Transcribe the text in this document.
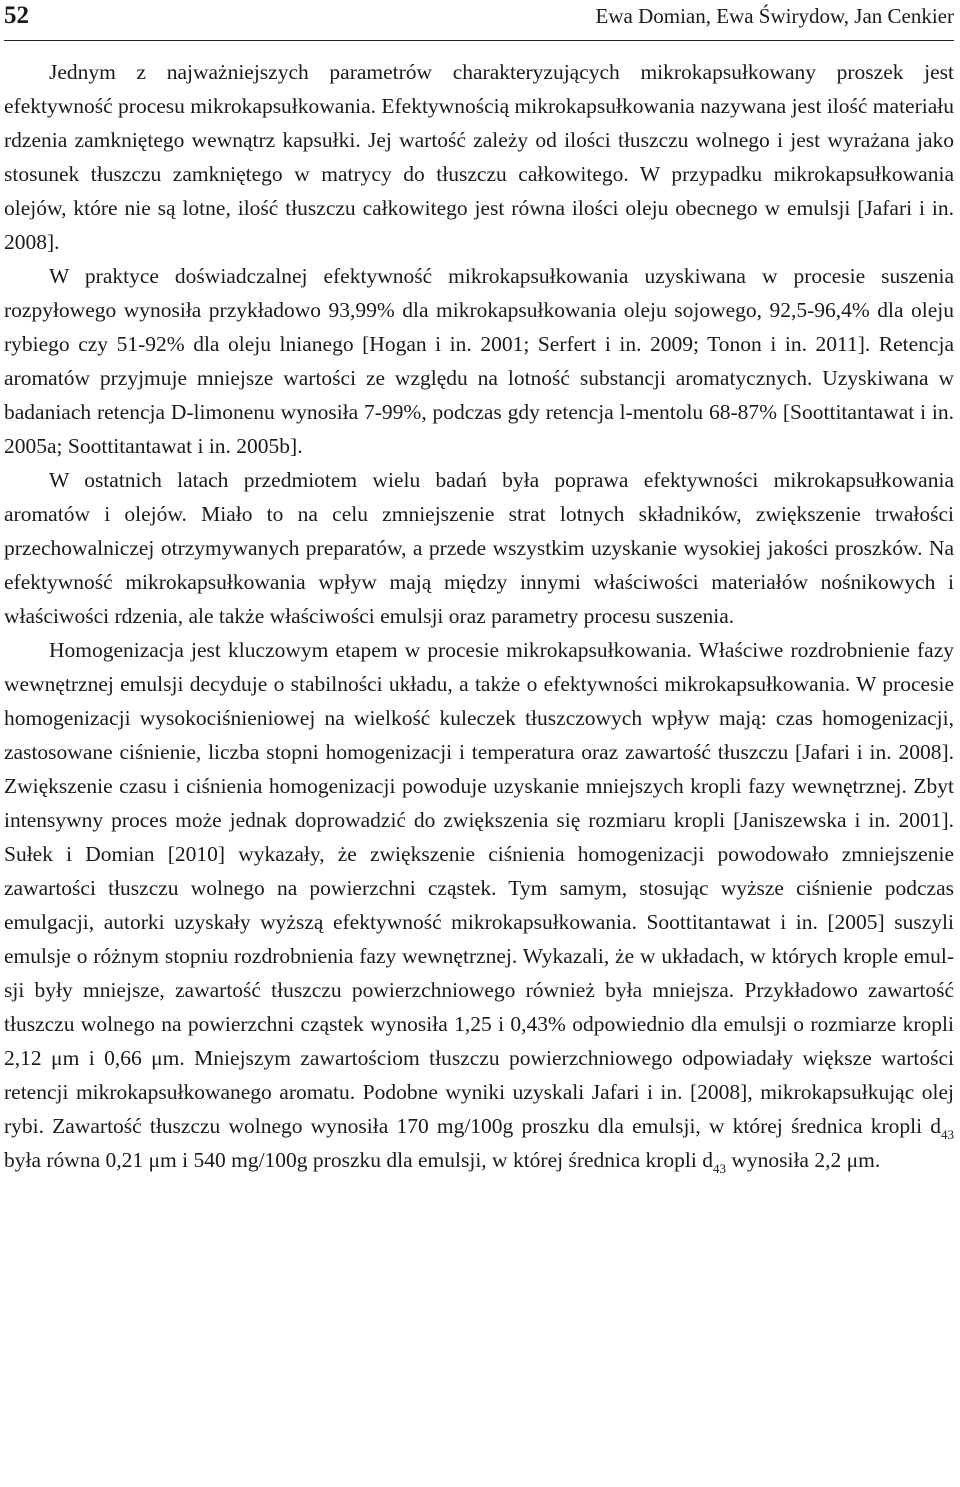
52	Ewa Domian, Ewa Świrydow, Jan Cenkier

Jednym z najważniejszych parametrów charakteryzujących mikrokapsułkowany proszek jest efektywność procesu mikrokapsułkowania. Efektywnością mikrokapsułkowania nazywana jest ilość materiału rdzenia zamkniętego wewnątrz kapsułki. Jej wartość zależy od ilości tłuszczu wolnego i jest wyrażana jako stosunek tłuszczu zamkniętego w matrycy do tłuszczu całkowitego. W przypadku mikrokapsułkowania olejów, które nie są lotne, ilość tłuszczu całkowitego jest równa ilości oleju obecnego w emulsji [Jafari i in. 2008].

W praktyce doświadczalnej efektywność mikrokapsułkowania uzyskiwana w procesie suszenia rozpyłowego wynosiła przykładowo 93,99% dla mikrokapsułkowania oleju sojowego, 92,5-96,4% dla oleju rybiego czy 51-92% dla oleju lnianego [Hogan i in. 2001; Serfert i in. 2009; Tonon i in. 2011]. Retencja aromatów przyjmuje mniejsze wartości ze względu na lotność substancji aromatycznych. Uzyskiwana w badaniach retencja D-limonenu wynosiła 7-99%, podczas gdy retencja l-mentolu 68-87% [Soottitantawat i in. 2005a; Soottitantawat i in. 2005b].

W ostatnich latach przedmiotem wielu badań była poprawa efektywności mikrokapsułkowania aromatów i olejów. Miało to na celu zmniejszenie strat lotnych składników, zwiększenie trwałości przechowalniczej otrzymywanych preparatów, a przede wszystkim uzyskanie wysokiej jakości proszków. Na efektywność mikrokapsułkowania wpływ mają między innymi właściwości materiałów nośnikowych i właściwości rdzenia, ale także właściwości emulsji oraz parametry procesu suszenia.

Homogenizacja jest kluczowym etapem w procesie mikrokapsułkowania. Właściwe rozdrobnienie fazy wewnętrznej emulsji decyduje o stabilności układu, a także o efektywności mikrokapsułkowania. W procesie homogenizacji wysokociśnieniowej na wielkość kuleczek tłuszczowych wpływ mają: czas homogenizacji, zastosowane ciśnienie, liczba stopni homogenizacji i temperatura oraz zawartość tłuszczu [Jafari i in. 2008]. Zwiększenie czasu i ciśnienia homogenizacji powoduje uzyskanie mniejszych kropli fazy wewnętrznej. Zbyt intensywny proces może jednak doprowadzić do zwiększenia się rozmiaru kropli [Janiszewska i in. 2001]. Sułek i Domian [2010] wykazały, że zwiększenie ciśnienia homogenizacji powodowało zmniejszenie zawartości tłuszczu wolnego na powierzchni cząstek. Tym samym, stosując wyższe ciśnienie podczas emulgacji, autorki uzyskały wyższą efektywność mikrokapsułkowania. Soottitantawat i in. [2005] suszyli emulsje o różnym stopniu rozdrobnienia fazy wewnętrznej. Wykazali, że w układach, w których krople emulsji były mniejsze, zawartość tłuszczu powierzchniowego również była mniejsza. Przykładowo zawartość tłuszczu wolnego na powierzchni cząstek wynosiła 1,25 i 0,43% odpowiednio dla emulsji o rozmiarze kropli 2,12 μm i 0,66 μm. Mniejszym zawartościom tłuszczu powierzchniowego odpowiadały większe wartości retencji mikrokapsułkowanego aromatu. Podobne wyniki uzyskali Jafari i in. [2008], mikrokapsułkując olej rybi. Zawartość tłuszczu wolnego wynosiła 170 mg/100g proszku dla emulsji, w której średnica kropli $d_{43}$ była równa 0,21 μm i 540 mg/100g proszku dla emulsji, w której średnica kropli $d_{43}$ wynosiła 2,2 μm.
